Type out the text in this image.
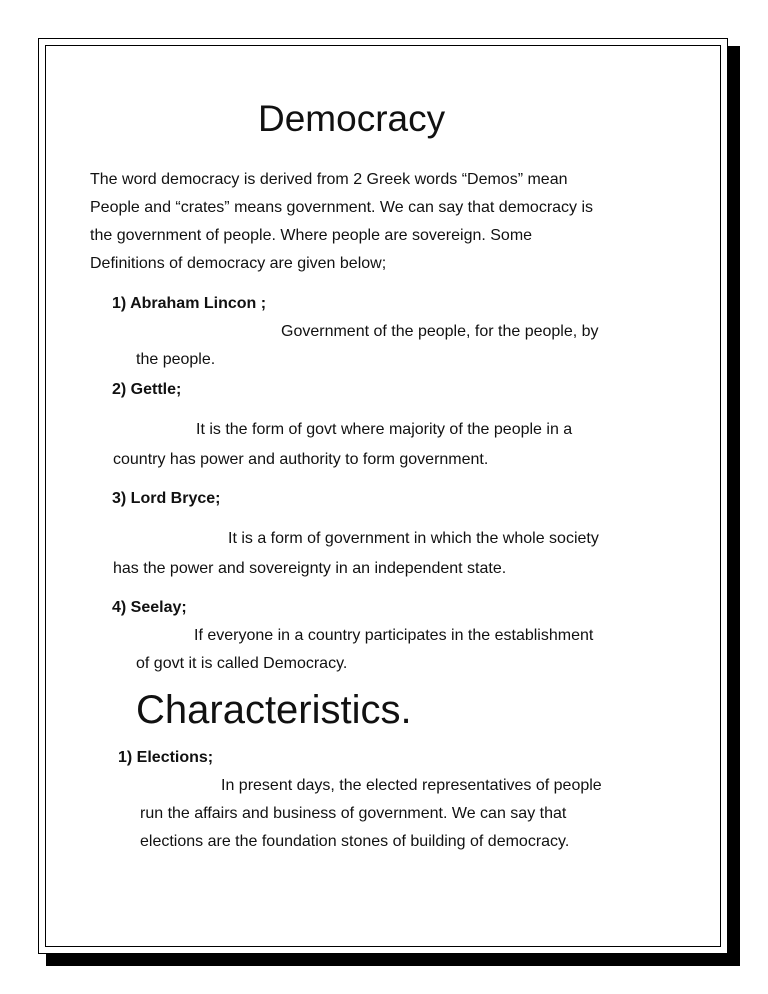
Democracy
The word democracy is derived from 2 Greek words “Demos” mean
People and “crates” means government. We can say that democracy is
the government of people. Where people are sovereign. Some
Definitions of democracy are given below;
1) Abraham Lincon ;
Government of the people, for the people, by
the people.
2) Gettle;
It is the form of govt where majority of the people in a
country has power and authority to form government.
3) Lord Bryce;
It is a form of government in which the whole society
has the power and sovereignty in an independent state.
4) Seelay;
If everyone in a country participates in the establishment
of govt it is called Democracy.
Characteristics.
1) Elections;
In present days, the elected representatives of people
run the affairs and business of government. We can say that
elections are the foundation stones of building of democracy.
